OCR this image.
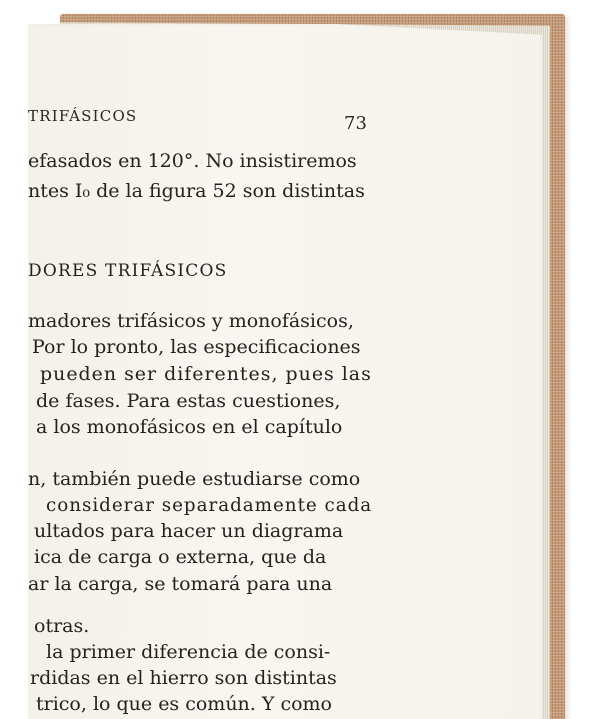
TRIFÁSICOS	73
efasados en 120°. No insistiremos
ntes I₀ de la figura 52 son distintas
DORES TRIFÁSICOS
madores trifásicos y monofásicos,
Por lo pronto, las especificaciones
pueden ser diferentes, pues las
de fases. Para estas cuestiones,
a los monofásicos en el capítulo
n, también puede estudiarse como
considerar separadamente cada
ultados para hacer un diagrama
ica de carga o externa, que da
ar la carga, se tomará para una
otras.
la primer diferencia de consi-
rdidas en el hierro son distintas
trico, lo que es común. Y como
